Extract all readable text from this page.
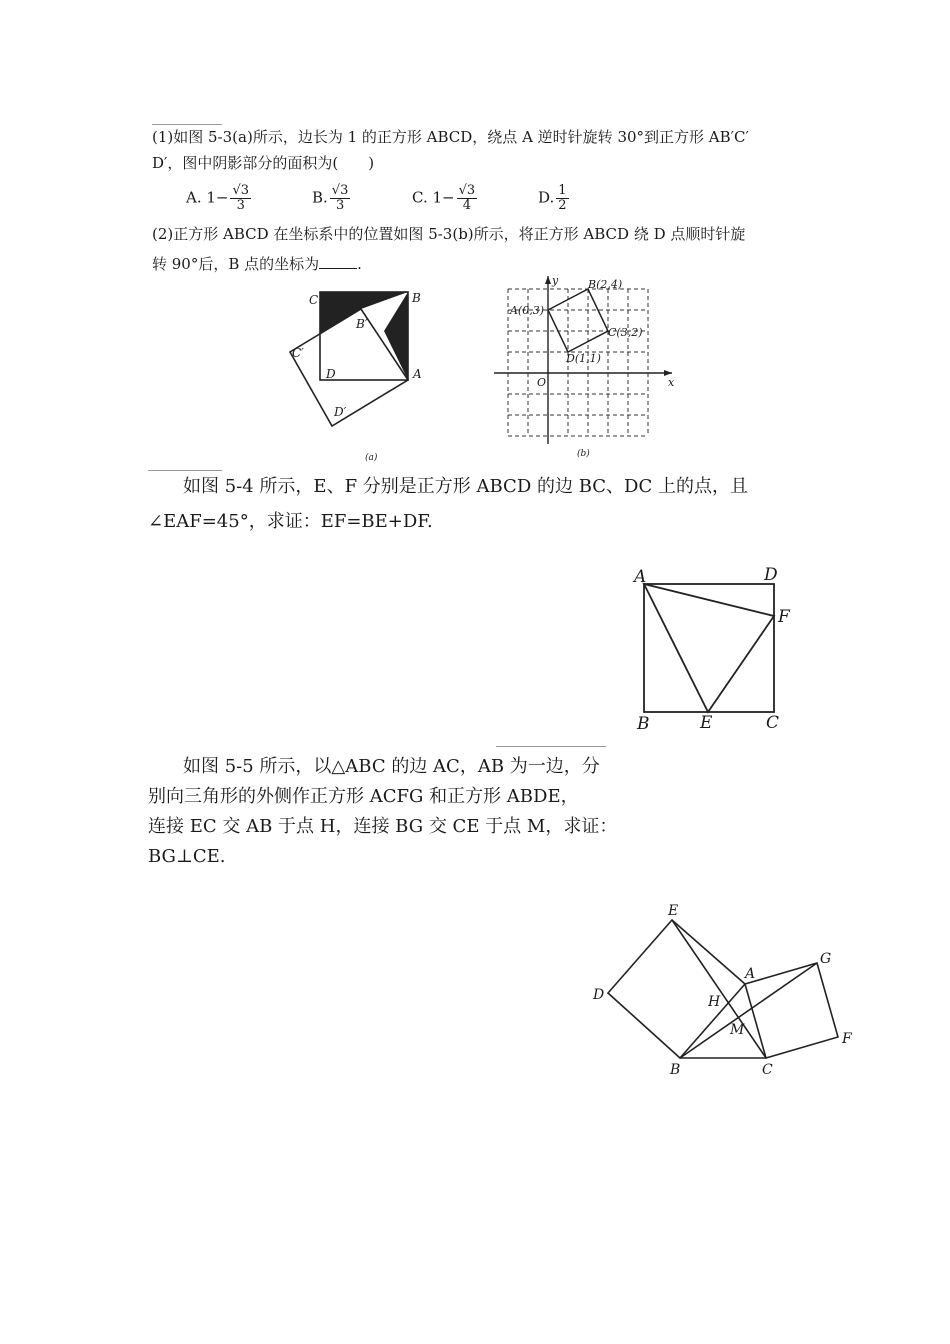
(1)如图 5-3(a)所示，边长为 1 的正方形 ABCD，绕点 A 逆时针旋转 30°到正方形 AB′C′
D′，图中阴影部分的面积为(　　)
A. $1- \frac{√3}{3}$	B. $\frac{√3}{3}$	C. $1- \frac{√3}{4}$	D. $\frac{1}{2}$
(2)正方形 ABCD 在坐标系中的位置如图 5-3(b)所示，将正方形 ABCD 绕 D 点顺时针旋
转 90°后，B 点的坐标为	.
C	B
B′
C′
D	A
D′
(a)
y
x
O
B(2,4)
A(0,3)
C(3,2)
D(1,1)
(b)
如图 5-4 所示，E、F 分别是正方形 ABCD 的边 BC、DC 上的点，且
∠EAF=45°，求证：EF=BE+DF.
A	D
F
B	E	C
如图 5-5 所示，以△ABC 的边 AC，AB 为一边，分
别向三角形的外侧作正方形 ACFG 和正方形 ABDE，
连接 EC 交 AB 于点 H，连接 BG 交 CE 于点 M，求证：
BG⊥CE.
E
A
G
D	H
M
F
B	C
